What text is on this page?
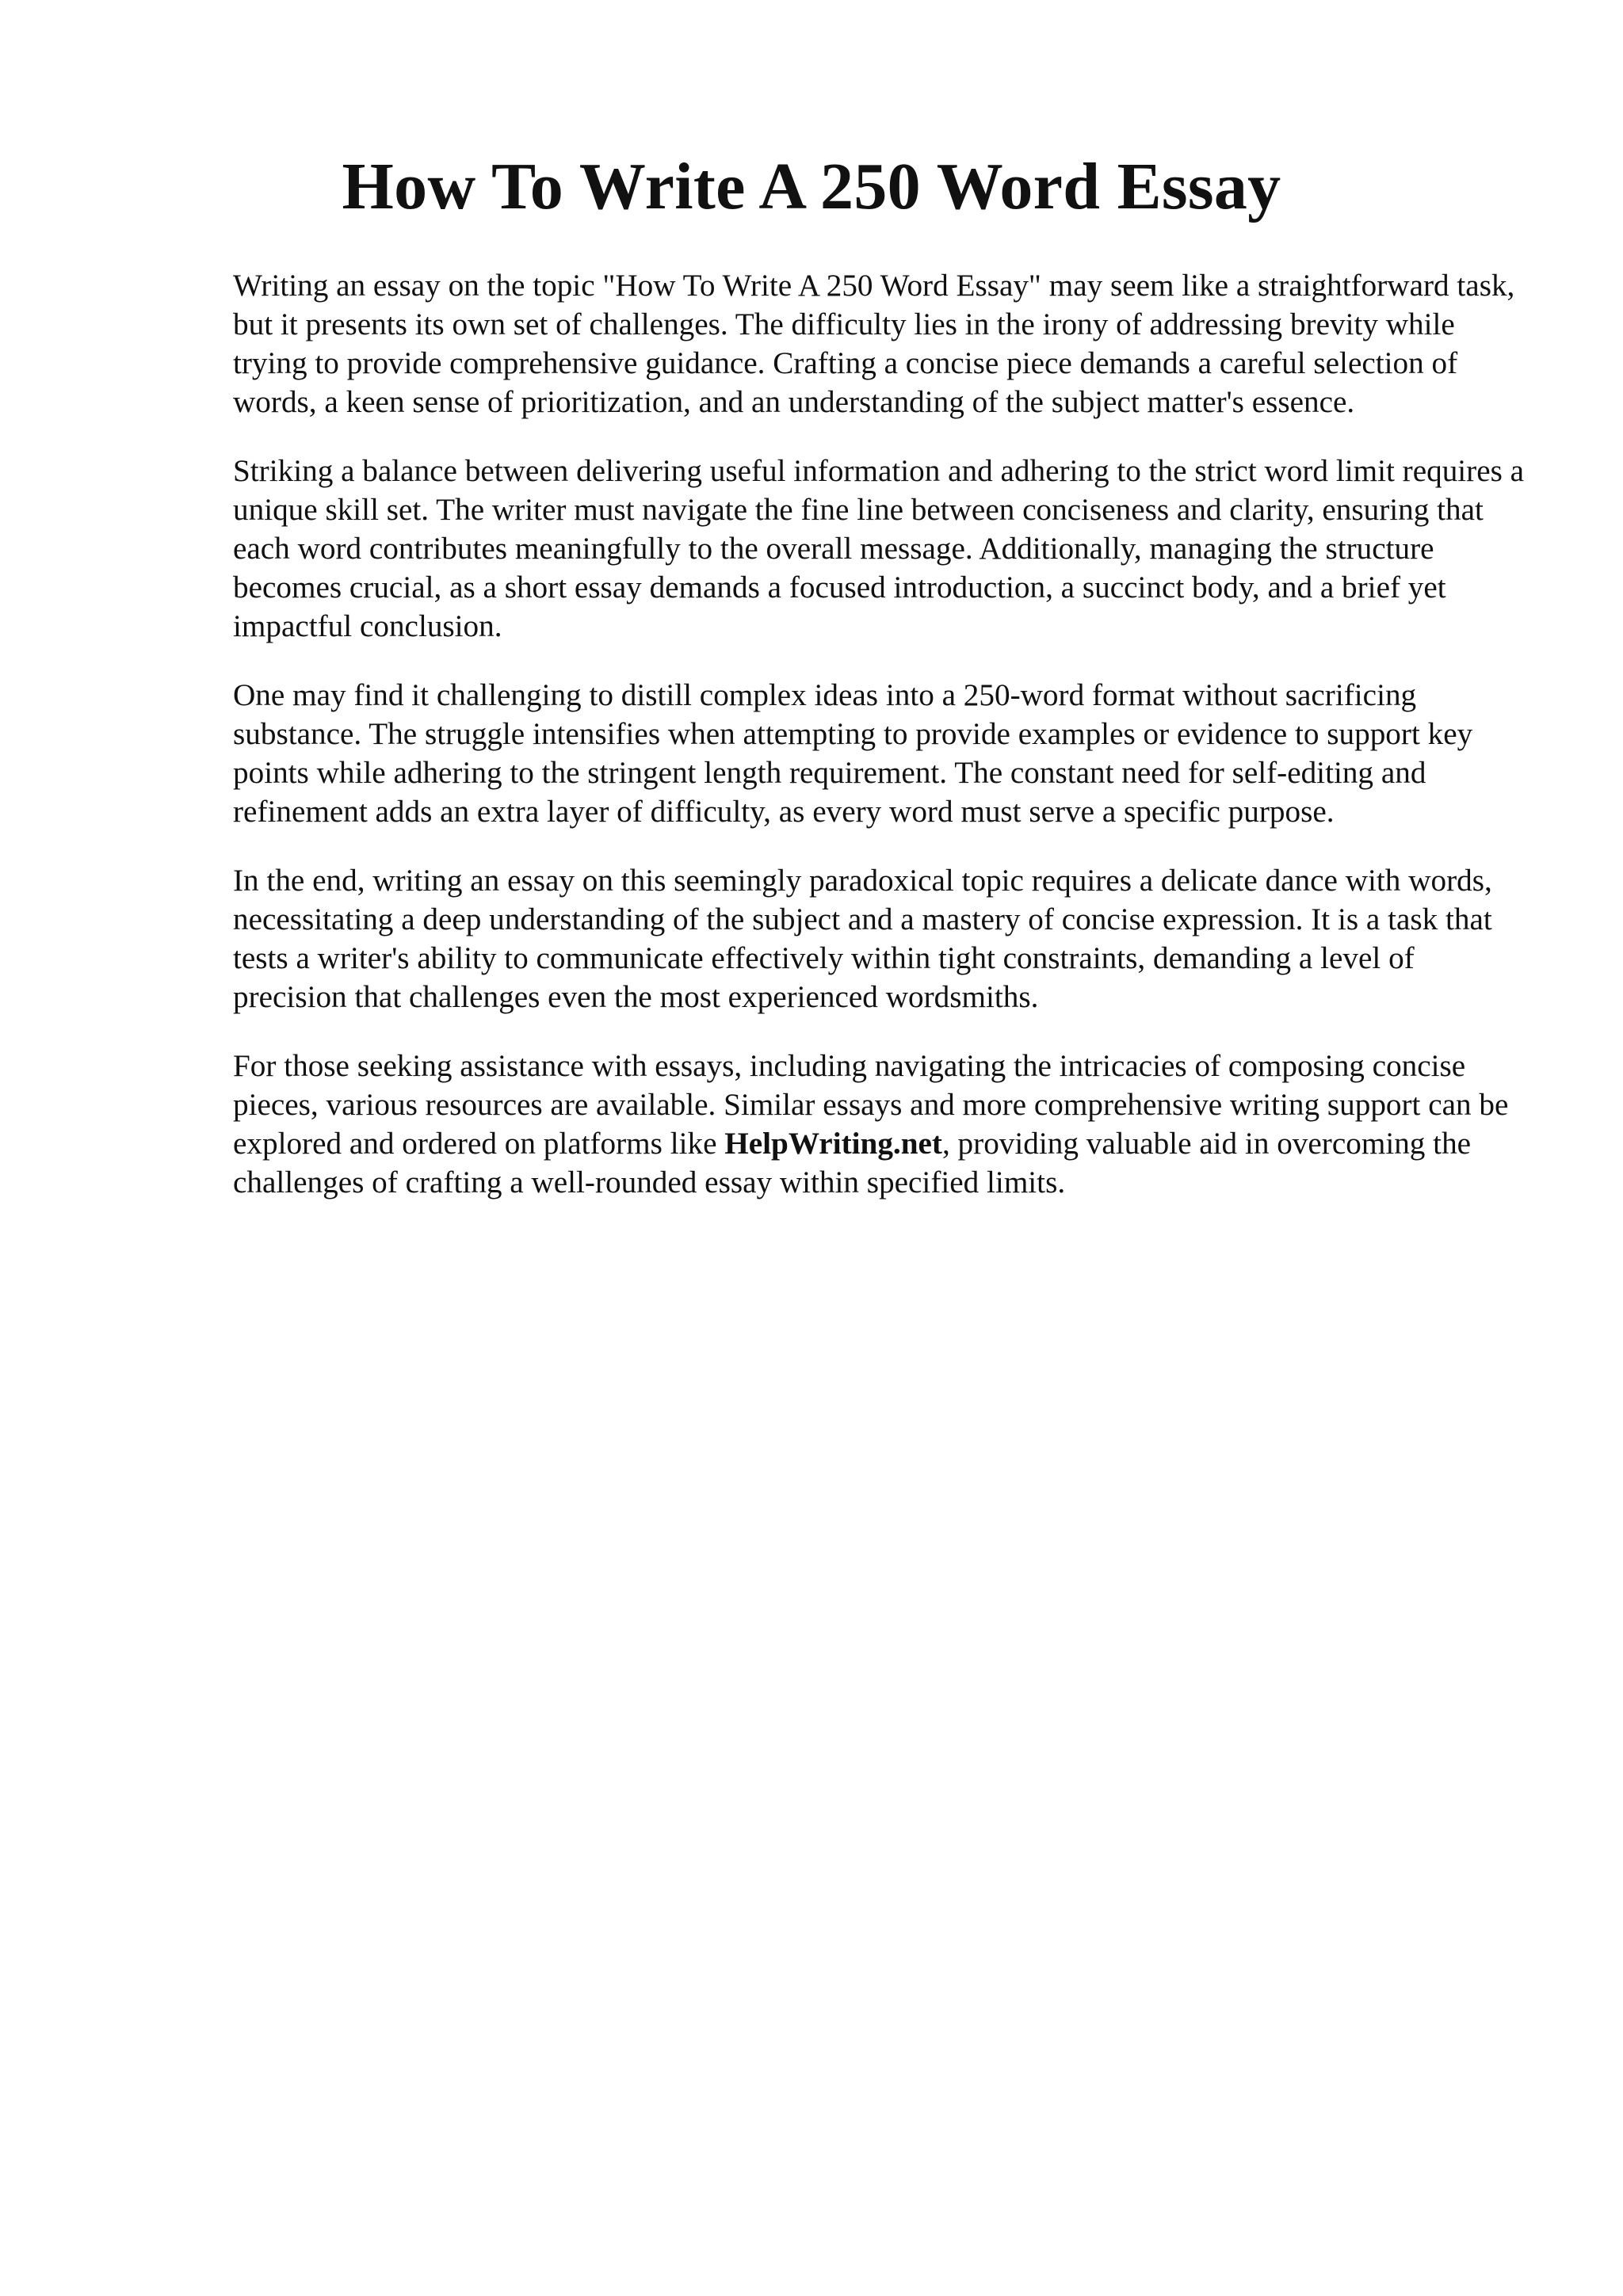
How To Write A 250 Word Essay

Writing an essay on the topic "How To Write A 250 Word Essay" may seem like a straightforward task, but it presents its own set of challenges. The difficulty lies in the irony of addressing brevity while trying to provide comprehensive guidance. Crafting a concise piece demands a careful selection of words, a keen sense of prioritization, and an understanding of the subject matter's essence.

Striking a balance between delivering useful information and adhering to the strict word limit requires a unique skill set. The writer must navigate the fine line between conciseness and clarity, ensuring that each word contributes meaningfully to the overall message. Additionally, managing the structure becomes crucial, as a short essay demands a focused introduction, a succinct body, and a brief yet impactful conclusion.

One may find it challenging to distill complex ideas into a 250-word format without sacrificing substance. The struggle intensifies when attempting to provide examples or evidence to support key points while adhering to the stringent length requirement. The constant need for self-editing and refinement adds an extra layer of difficulty, as every word must serve a specific purpose.

In the end, writing an essay on this seemingly paradoxical topic requires a delicate dance with words, necessitating a deep understanding of the subject and a mastery of concise expression. It is a task that tests a writer's ability to communicate effectively within tight constraints, demanding a level of precision that challenges even the most experienced wordsmiths.

For those seeking assistance with essays, including navigating the intricacies of composing concise pieces, various resources are available. Similar essays and more comprehensive writing support can be explored and ordered on platforms like HelpWriting.net, providing valuable aid in overcoming the challenges of crafting a well-rounded essay within specified limits.
